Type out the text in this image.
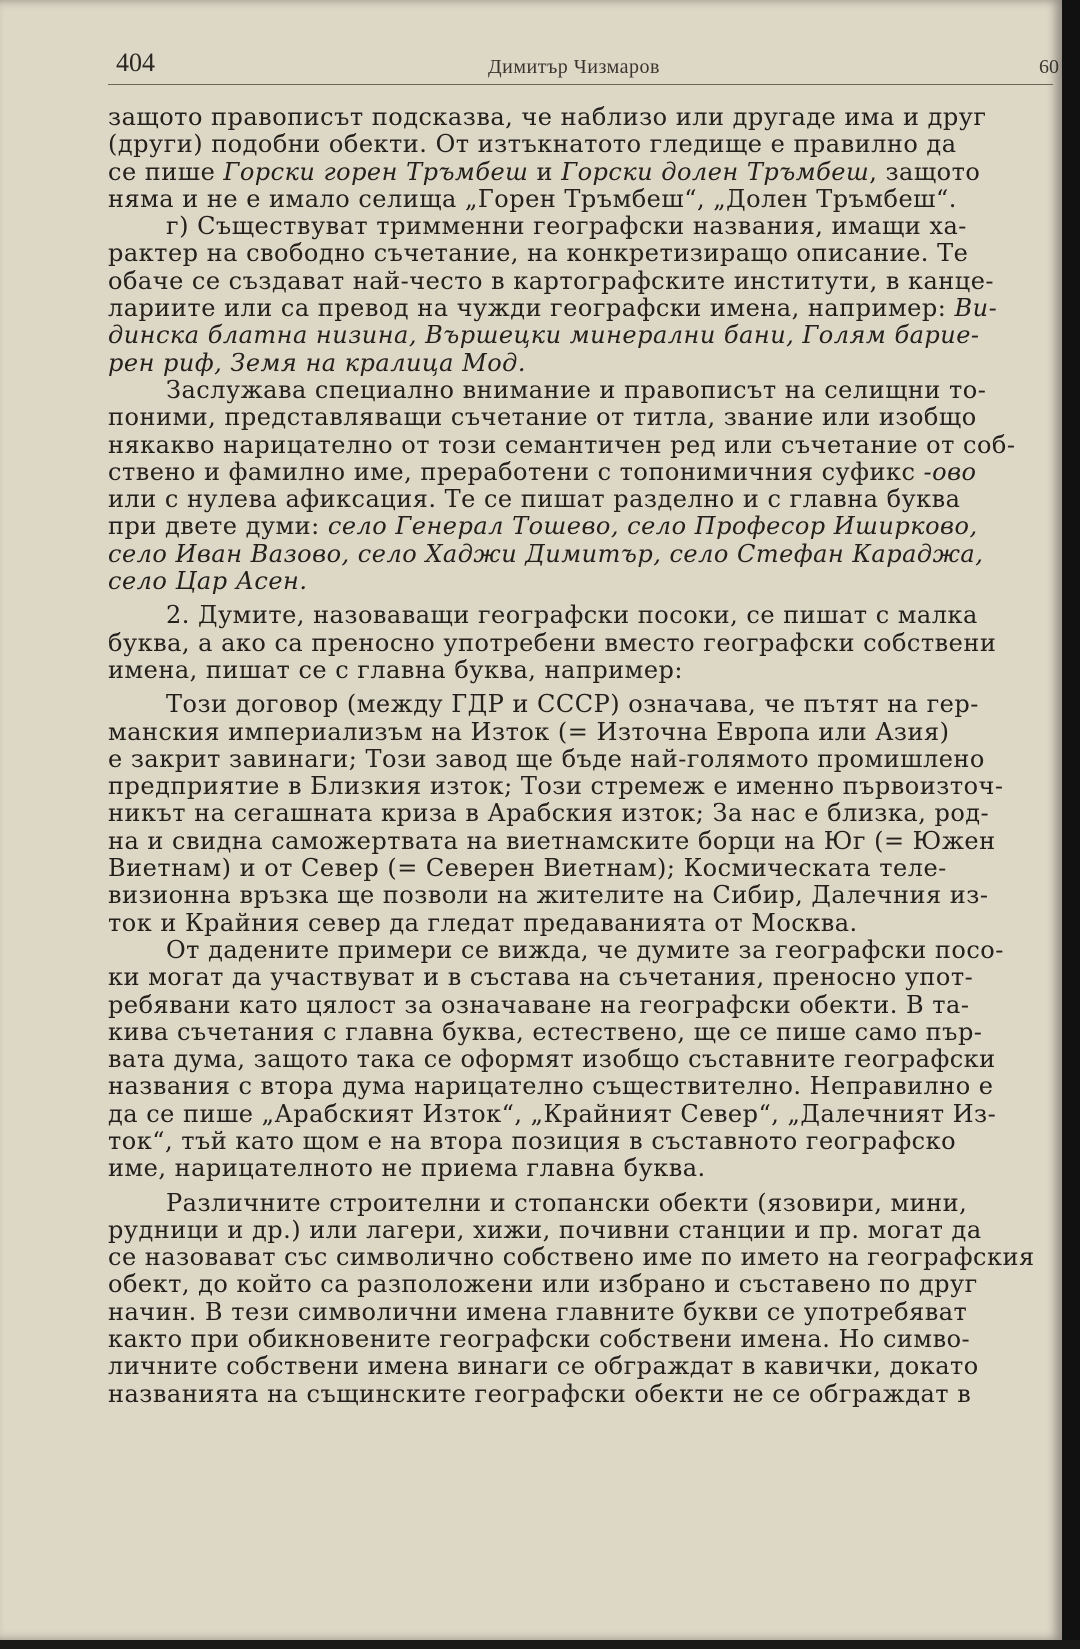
404	Димитър Чизмаров	60
защото правописът подсказва, че наблизо или другаде има и друг
(други) подобни обекти. От изтъкнатото гледище е правилно да
се пише Горски горен Тръмбеш и Горски долен Тръмбеш, защото
няма и не е имало селища „Горен Тръмбеш“, „Долен Тръмбеш“.
г) Съществуват тримменни географски названия, имащи ха-
рактер на свободно съчетание, на конкретизиращо описание. Те
обаче се създават най-често в картографските институти, в канце-
лариите или са превод на чужди географски имена, например: Ви-
динска блатна низина, Вършецки минерални бани, Голям барие-
рен риф, Земя на кралица Мод.
Заслужава специално внимание и правописът на селищни то-
поними, представляващи съчетание от титла, звание или изобщо
някакво нарицателно от този семантичен ред или съчетание от соб-
ствено и фамилно име, преработени с топонимичния суфикс -ово
или с нулева афиксация. Те се пишат разделно и с главна буква
при двете думи: село Генерал Тошево, село Професор Иширково,
село Иван Вазово, село Хаджи Димитър, село Стефан Караджа,
село Цар Асен.
2. Думите, назоваващи географски посоки, се пишат с малка
буква, а ако са преносно употребени вместо географски собствени
имена, пишат се с главна буква, например:
Този договор (между ГДР и СССР) означава, че пътят на гер-
манския империализъм на Изток (= Източна Европа или Азия)
е закрит завинаги; Този завод ще бъде най-голямото промишлено
предприятие в Близкия изток; Този стремеж е именно първоизточ-
никът на сегашната криза в Арабския изток; За нас е близка, род-
на и свидна саможертвата на виетнамските борци на Юг (= Южен
Виетнам) и от Север (= Северен Виетнам); Космическата теле-
визионна връзка ще позволи на жителите на Сибир, Далечния из-
ток и Крайния север да гледат предаванията от Москва.
От дадените примери се вижда, че думите за географски посо-
ки могат да участвуват и в състава на съчетания, преносно упот-
ребявани като цялост за означаване на географски обекти. В та-
кива съчетания с главна буква, естествено, ще се пише само пър-
вата дума, защото така се оформят изобщо съставните географски
названия с втора дума нарицателно съществително. Неправилно е
да се пише „Арабският Изток“, „Крайният Север“, „Далечният Из-
ток“, тъй като щом е на втора позиция в съставното географско
име, нарицателното не приема главна буква.
Различните строителни и стопански обекти (язовири, мини,
рудници и др.) или лагери, хижи, почивни станции и пр. могат да
се назовават със символично собствено име по името на географския
обект, до който са разположени или избрано и съставено по друг
начин. В тези символични имена главните букви се употребяват
както при обикновените географски собствени имена. Но симво-
личните собствени имена винаги се обграждат в кавички, докато
названията на същинските географски обекти не се обграждат в
